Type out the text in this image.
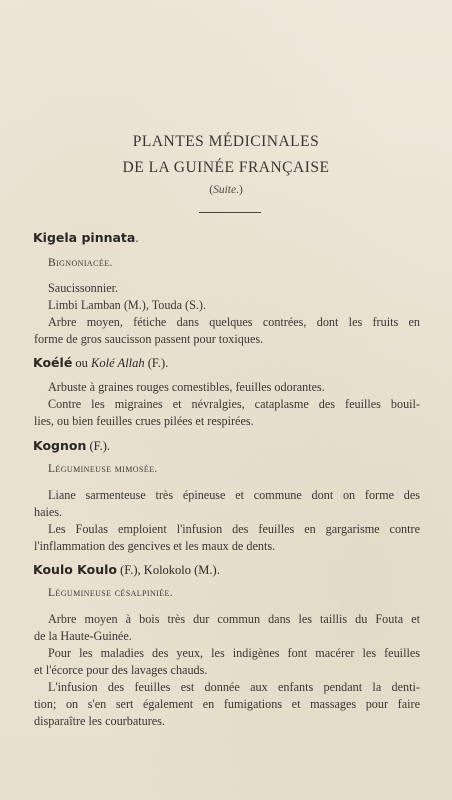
PLANTES MÉDICINALES
DE LA GUINÉE FRANÇAISE
(Suite.)
Kigela pinnata.
Bignoniacée.
Saucissonnier.
Limbi Lamban (M.), Touda (S.).
Arbre moyen, fétiche dans quelques contrées, dont les fruits en
forme de gros saucisson passent pour toxiques.
Koélé ou Kolé Allah (F.).
Arbuste à graines rouges comestibles, feuilles odorantes.
Contre les migraines et névralgies, cataplasme des feuilles bouil-
lies, ou bien feuilles crues pilées et respirées.
Kognon (F.).
Légumineuse mimosée.
Liane sarmenteuse très épineuse et commune dont on forme des
haies.
Les Foulas emploient l'infusion des feuilles en gargarisme contre
l'inflammation des gencives et les maux de dents.
Koulo Koulo (F.), Kolokolo (M.).
Légumineuse césalpiniée.
Arbre moyen à bois très dur commun dans les taillis du Fouta et
de la Haute-Guinée.
Pour les maladies des yeux, les indigènes font macérer les feuilles
et l'écorce pour des lavages chauds.
L'infusion des feuilles est donnée aux enfants pendant la denti-
tion; on s'en sert également en fumigations et massages pour faire
disparaître les courbatures.
